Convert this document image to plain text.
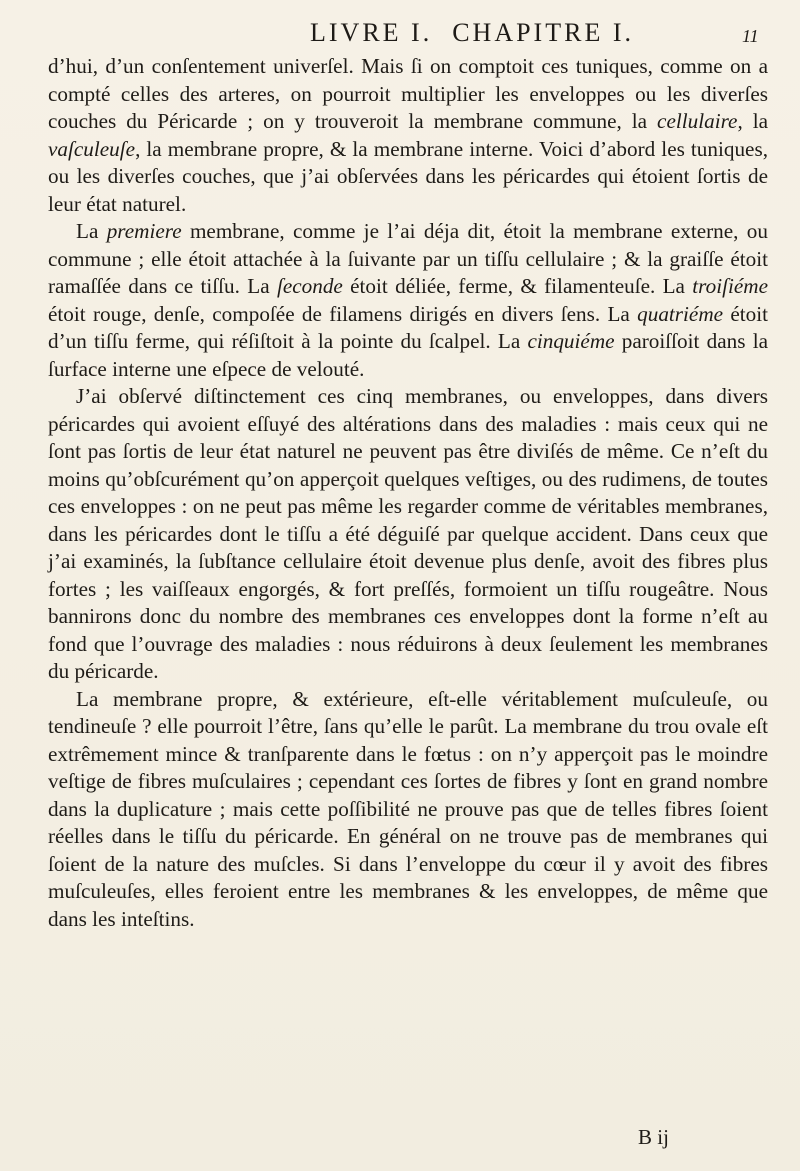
LIVRE I. CHAPITRE I.	11

d’hui, d’un conſentement univerſel. Mais ſi on comptoit ces tuniques, comme on a compté celles des arteres, on pourroit multiplier les enveloppes ou les diverſes couches du Péricarde ; on y trouveroit la membrane commune, la cellulaire, la vaſculeuſe, la membrane propre, & la membrane interne. Voici d’abord les tuniques, ou les diverſes couches, que j’ai obſervées dans les péricardes qui étoient ſortis de leur état naturel.

La premiere membrane, comme je l’ai déja dit, étoit la membrane externe, ou commune ; elle étoit attachée à la ſuivante par un tiſſu cellulaire ; & la graiſſe étoit ramaſſée dans ce tiſſu. La ſeconde étoit déliée, ferme, & filamenteuſe. La troiſiéme étoit rouge, denſe, compoſée de filamens dirigés en divers ſens. La quatriéme étoit d’un tiſſu ferme, qui réſiſtoit à la pointe du ſcalpel. La cinquiéme paroiſſoit dans la ſurface interne une eſpece de velouté.

J’ai obſervé diſtinctement ces cinq membranes, ou enveloppes, dans divers péricardes qui avoient eſſuyé des altérations dans des maladies : mais ceux qui ne ſont pas ſortis de leur état naturel ne peuvent pas être diviſés de même. Ce n’eſt du moins qu’obſcurément qu’on apperçoit quelques veſtiges, ou des rudimens, de toutes ces enveloppes : on ne peut pas même les regarder comme de véritables membranes, dans les péricardes dont le tiſſu a été déguiſé par quelque accident. Dans ceux que j’ai examinés, la ſubſtance cellulaire étoit devenue plus denſe, avoit des fibres plus fortes ; les vaiſſeaux engorgés, & fort preſſés, formoient un tiſſu rougeâtre. Nous bannirons donc du nombre des membranes ces enveloppes dont la forme n’eſt au fond que l’ouvrage des maladies : nous réduirons à deux ſeulement les membranes du péricarde.

La membrane propre, & extérieure, eſt-elle véritablement muſculeuſe, ou tendineuſe ? elle pourroit l’être, ſans qu’elle le parût. La membrane du trou ovale eſt extrêmement mince & tranſparente dans le fœtus : on n’y apperçoit pas le moindre veſtige de fibres muſculaires ; cependant ces ſortes de fibres y ſont en grand nombre dans la duplicature ; mais cette poſſibilité ne prouve pas que de telles fibres ſoient réelles dans le tiſſu du péricarde. En général on ne trouve pas de membranes qui ſoient de la nature des muſcles. Si dans l’enveloppe du cœur il y avoit des fibres muſculeuſes, elles feroient entre les membranes & les enveloppes, de même que dans les inteſtins.

B ij
